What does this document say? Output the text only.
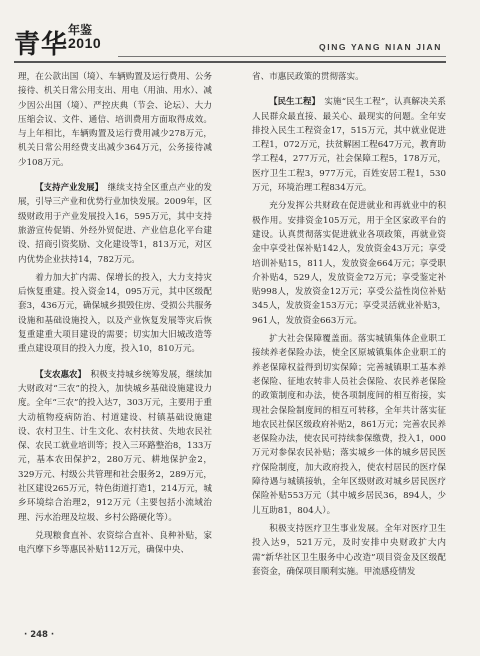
青华 年鉴
2010	QING YANG NIAN JIAN

理，在公款出国（境）、车辆购置及运行费用、公务接待、机关日常公用支出、用电（用油、用水）、减少因公出国（境）、严控庆典（节会、论坛）、大力压缩会议、文件、通信、培训费用方面取得成效。与上年相比，车辆购置及运行费用减少278万元，机关日常公用经费支出减少364万元，公务接待减少108万元。

【支持产业发展】　 继续支持全区重点产业的发展，引导三产业和优势行业加快发展。2009年，区级财政用于产业发展投入16，595万元，其中支持旅游宣传促销、外经外贸促进、产业信息化平台建设、招商引资奖励、文化建设等1，813万元，对区内优势企业扶持14，782万元。

着力加大扩内需、保增长的投入，大力支持灾后恢复重建。投入资金14，095万元，其中区级配套3，436万元，确保城乡损毁住房、受损公共服务设施和基础设施投入，以及产业恢复发展等灾后恢复重建重大项目建设的需要；切实加大旧城改造等重点建设项目的投入力度，投入10，810万元。

【支农惠农】　 积极支持城乡统筹发展，继续加大财政对“三农”的投入，加快城乡基础设施建设力度。全年“三农”的投入达7，303万元，主要用于重大动植物疫病防治、村道建设、村镇基础设施建设、农村卫生、计生文化、农村扶贫、失地农民社保、农民工就业培训等；投入三环路整治8，133万元，基本农田保护2，280万元、耕地保护金2，329万元、村级公共管理和社会服务2，289万元，社区建设265万元，特色街道打造1，214万元，城乡环境综合治理2，912万元（主要包括小流域治理、污水治理及垃圾、乡村公路硬化等）。

兑现粮食直补、农资综合直补、良种补贴，家电汽摩下乡等惠民补贴112万元，确保中央、

省、市惠民政策的贯彻落实。

【民生工程】　 实施“民生工程”，认真解决关系人民群众最直接、最关心、最现实的问题。全年安排投入民生工程资金17，515万元，其中就业促进工程1，072万元，扶贫解困工程647万元，教育助学工程4，277万元，社会保障工程5，178万元，医疗卫生工程3，977万元，百姓安居工程1，530万元，环境治理工程834万元。

充分发挥公共财政在促进就业和再就业中的积极作用。安排资金105万元，用于全区家政平台的建设。认真贯彻落实促进就业各项政策，再就业资金中享受社保补贴142人，发放资金43万元；享受培训补贴15，811人，发放资金664万元；享受职介补贴4，529人，发放资金72万元；享受鉴定补贴998人，发放资金12万元；享受公益性岗位补贴345人，发放资金153万元；享受灵活就业补贴3，961人，发放资金663万元。

扩大社会保障覆盖面。落实城镇集体企业职工接续养老保险办法，使全区原城镇集体企业职工的养老保障权益得到切实保障；完善城镇职工基本养老保险、征地农转非人员社会保险、农民养老保险的政策制度和办法，使各项制度间的相互衔接，实现社会保险制度间的相互可转移，全年共计落实征地农民社保区级政府补贴2，861万元；完善农民养老保险办法，使农民可持续参保缴费，投入1，000万元对参保农民补贴；落实城乡一体的城乡居民医疗保险制度，加大政府投入，使农村居民的医疗保障待遇与城镇接轨，全年区级财政对城乡居民医疗保险补贴553万元（其中城乡居民36，894人，少儿互助81，804人）。

积极支持医疗卫生事业发展。全年对医疗卫生投入达9，521万元，及时安排中央财政扩大内需“新华社区卫生服务中心改造”项目资金及区级配套资金，确保项目顺利实施。甲流感疫情发

· 248 ·
